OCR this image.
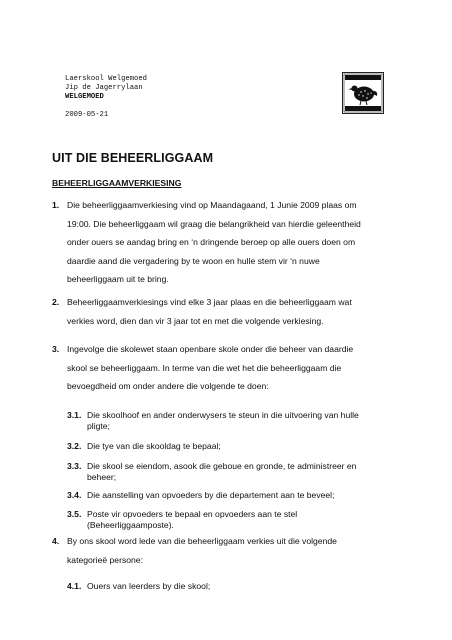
Laerskool Welgemoed
Jip de Jagerrylaan
WELGEMOED
2009-05-21
UIT DIE BEHEERLIGGAAM
BEHEERLIGGAAMVERKIESING
1. Die beheerliggaamverkiesing vind op Maandagaand, 1 Junie 2009 plaas om
19:00. Die beheerliggaam wil graag die belangrikheid van hierdie geleentheid
onder ouers se aandag bring en ‘n dringende beroep op alle ouers doen om
daardie aand die vergadering by te woon en hulle stem vir ‘n nuwe
beheerliggaam uit te bring.
2. Beheerliggaamverkiesings vind elke 3 jaar plaas en die beheerliggaam wat
verkies word, dien dan vir 3 jaar tot en met die volgende verkiesing.
3. Ingevolge die skolewet staan openbare skole onder die beheer van daardie
skool se beheerliggaam. In terme van die wet het die beheerliggaam die
bevoegdheid om onder andere die volgende te doen:
3.1. Die skoolhoof en ander onderwysers te steun in die uitvoering van hulle
pligte;
3.2. Die tye van die skooldag te bepaal;
3.3. Die skool se eiendom, asook die geboue en gronde, te administreer en
beheer;
3.4. Die aanstelling van opvoeders by die departement aan te beveel;
3.5. Poste vir opvoeders te bepaal en opvoeders aan te stel
(Beheerliggaamposte).
4. By ons skool word lede van die beheerliggaam verkies uit die volgende
kategorieë persone:
4.1. Ouers van leerders by die skool;
